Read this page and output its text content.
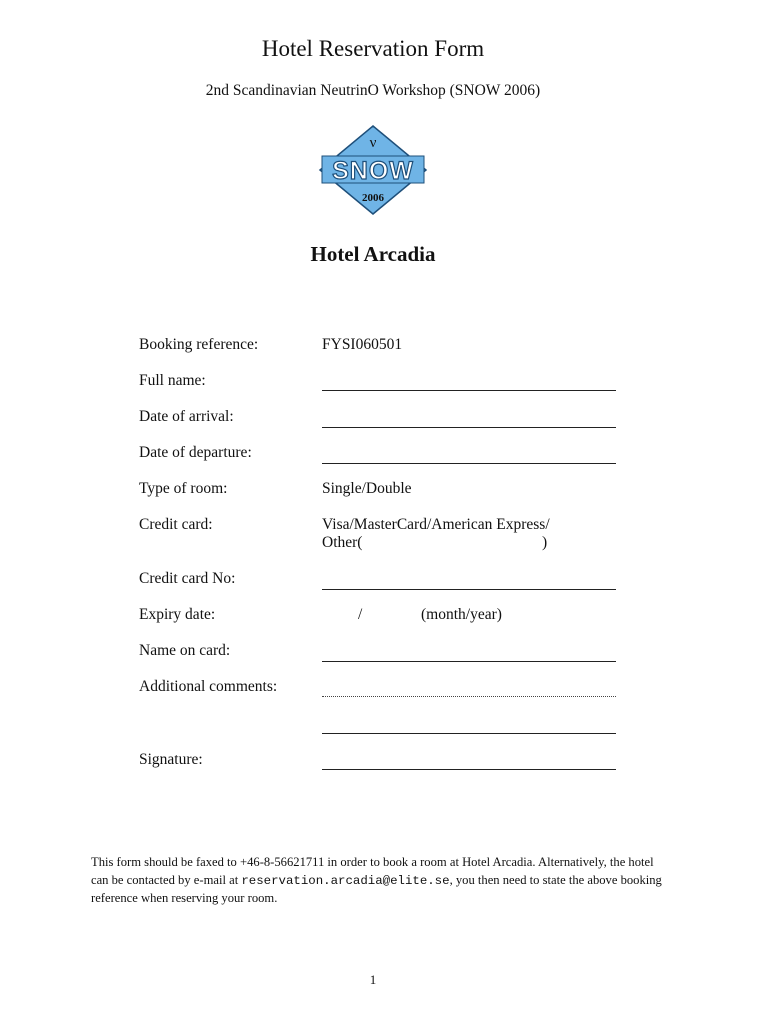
Hotel Reservation Form
2nd Scandinavian NeutrinO Workshop (SNOW 2006)
ν
SNOW
2006
Hotel Arcadia
Booking reference:	FYSI060501
Full name:
Date of arrival:
Date of departure:
Type of room:	Single/Double
Credit card:	Visa/MasterCard/American Express/
Other(	)
Credit card No:
Expiry date:	/	(month/year)
Name on card:
Additional comments:
Signature:
This form should be faxed to +46-8-56621711 in order to book a room at Hotel Arcadia. Alternatively, the hotel can be contacted by e-mail at reservation.arcadia@elite.se, you then need to state the above booking reference when reserving your room.
1
